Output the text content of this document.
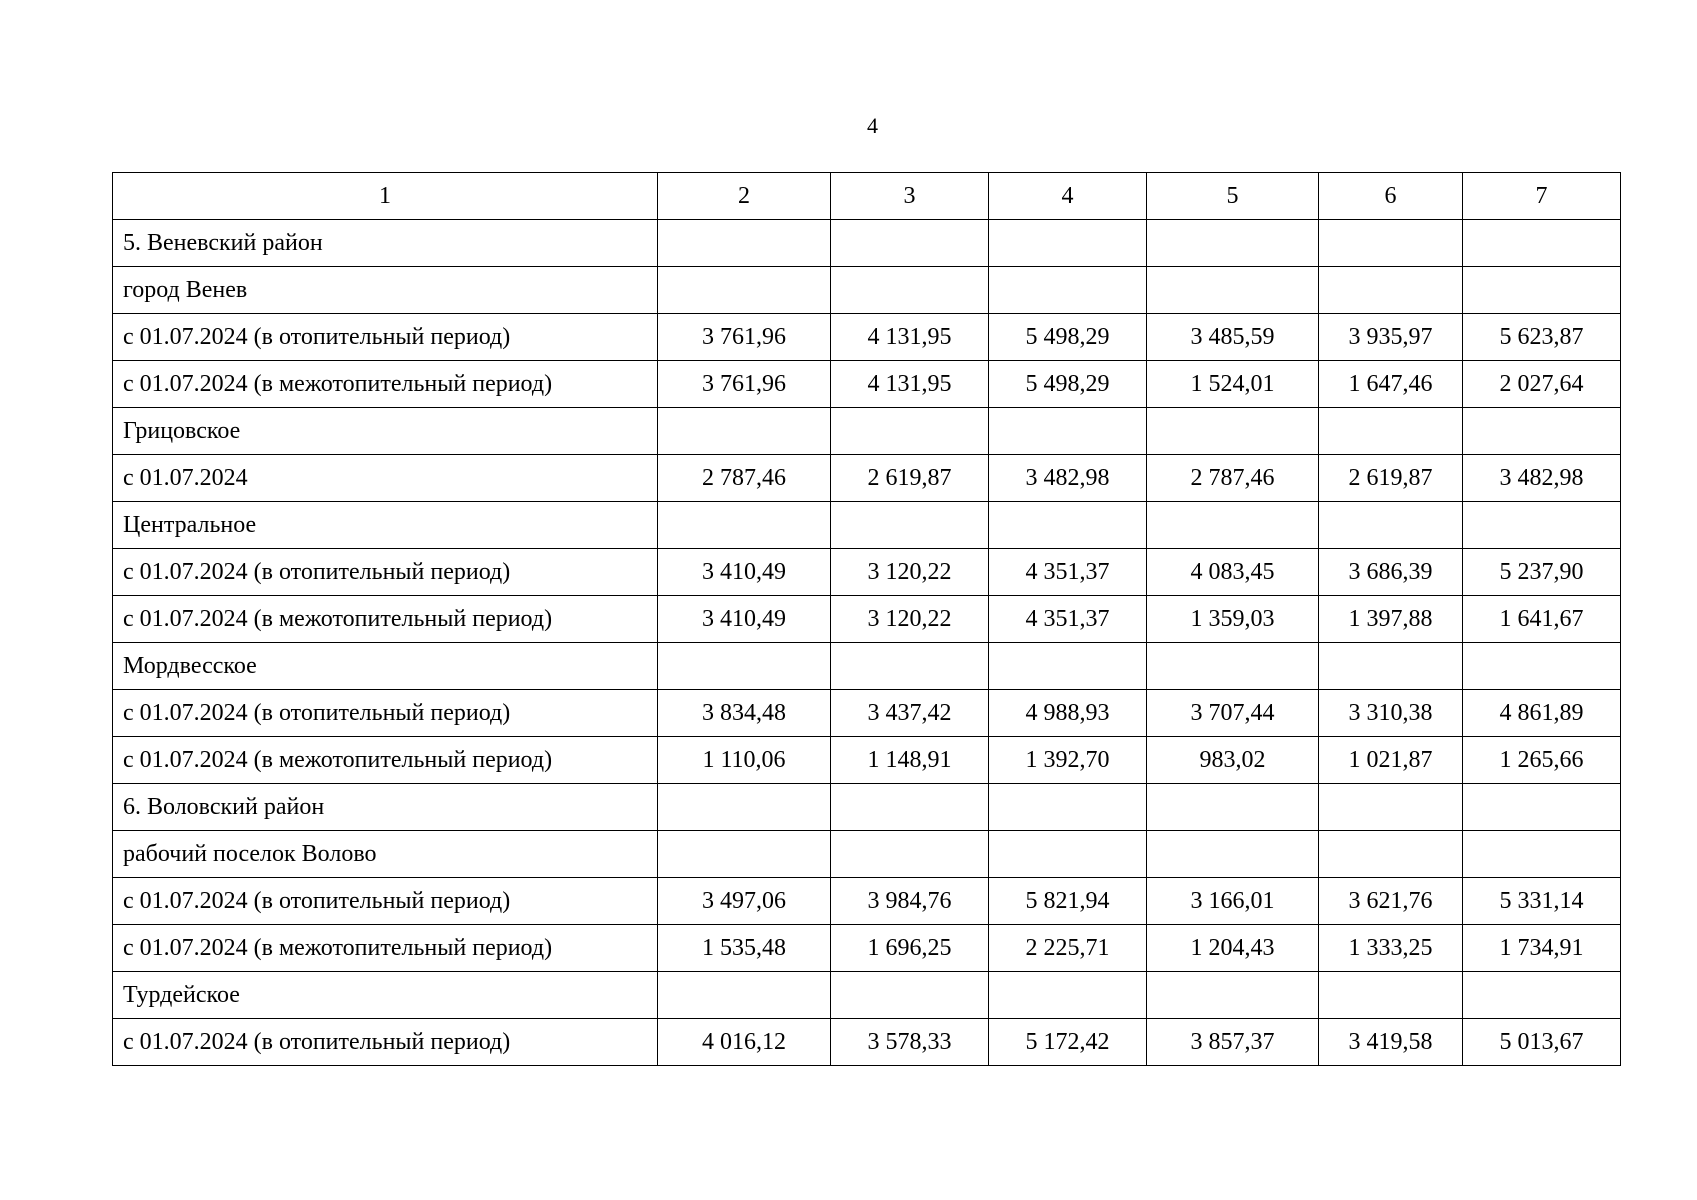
4
1	2	3	4	5	6	7
5. Веневский район						
город Венев						
с 01.07.2024 (в отопительный период)	3 761,96	4 131,95	5 498,29	3 485,59	3 935,97	5 623,87
с 01.07.2024 (в межотопительный период)	3 761,96	4 131,95	5 498,29	1 524,01	1 647,46	2 027,64
Грицовское						
с 01.07.2024	2 787,46	2 619,87	3 482,98	2 787,46	2 619,87	3 482,98
Центральное						
с 01.07.2024 (в отопительный период)	3 410,49	3 120,22	4 351,37	4 083,45	3 686,39	5 237,90
с 01.07.2024 (в межотопительный период)	3 410,49	3 120,22	4 351,37	1 359,03	1 397,88	1 641,67
Мордвесское						
с 01.07.2024 (в отопительный период)	3 834,48	3 437,42	4 988,93	3 707,44	3 310,38	4 861,89
с 01.07.2024 (в межотопительный период)	1 110,06	1 148,91	1 392,70	983,02	1 021,87	1 265,66
6. Воловский район						
рабочий поселок Волово						
с 01.07.2024 (в отопительный период)	3 497,06	3 984,76	5 821,94	3 166,01	3 621,76	5 331,14
с 01.07.2024 (в межотопительный период)	1 535,48	1 696,25	2 225,71	1 204,43	1 333,25	1 734,91
Турдейское						
с 01.07.2024 (в отопительный период)	4 016,12	3 578,33	5 172,42	3 857,37	3 419,58	5 013,67
